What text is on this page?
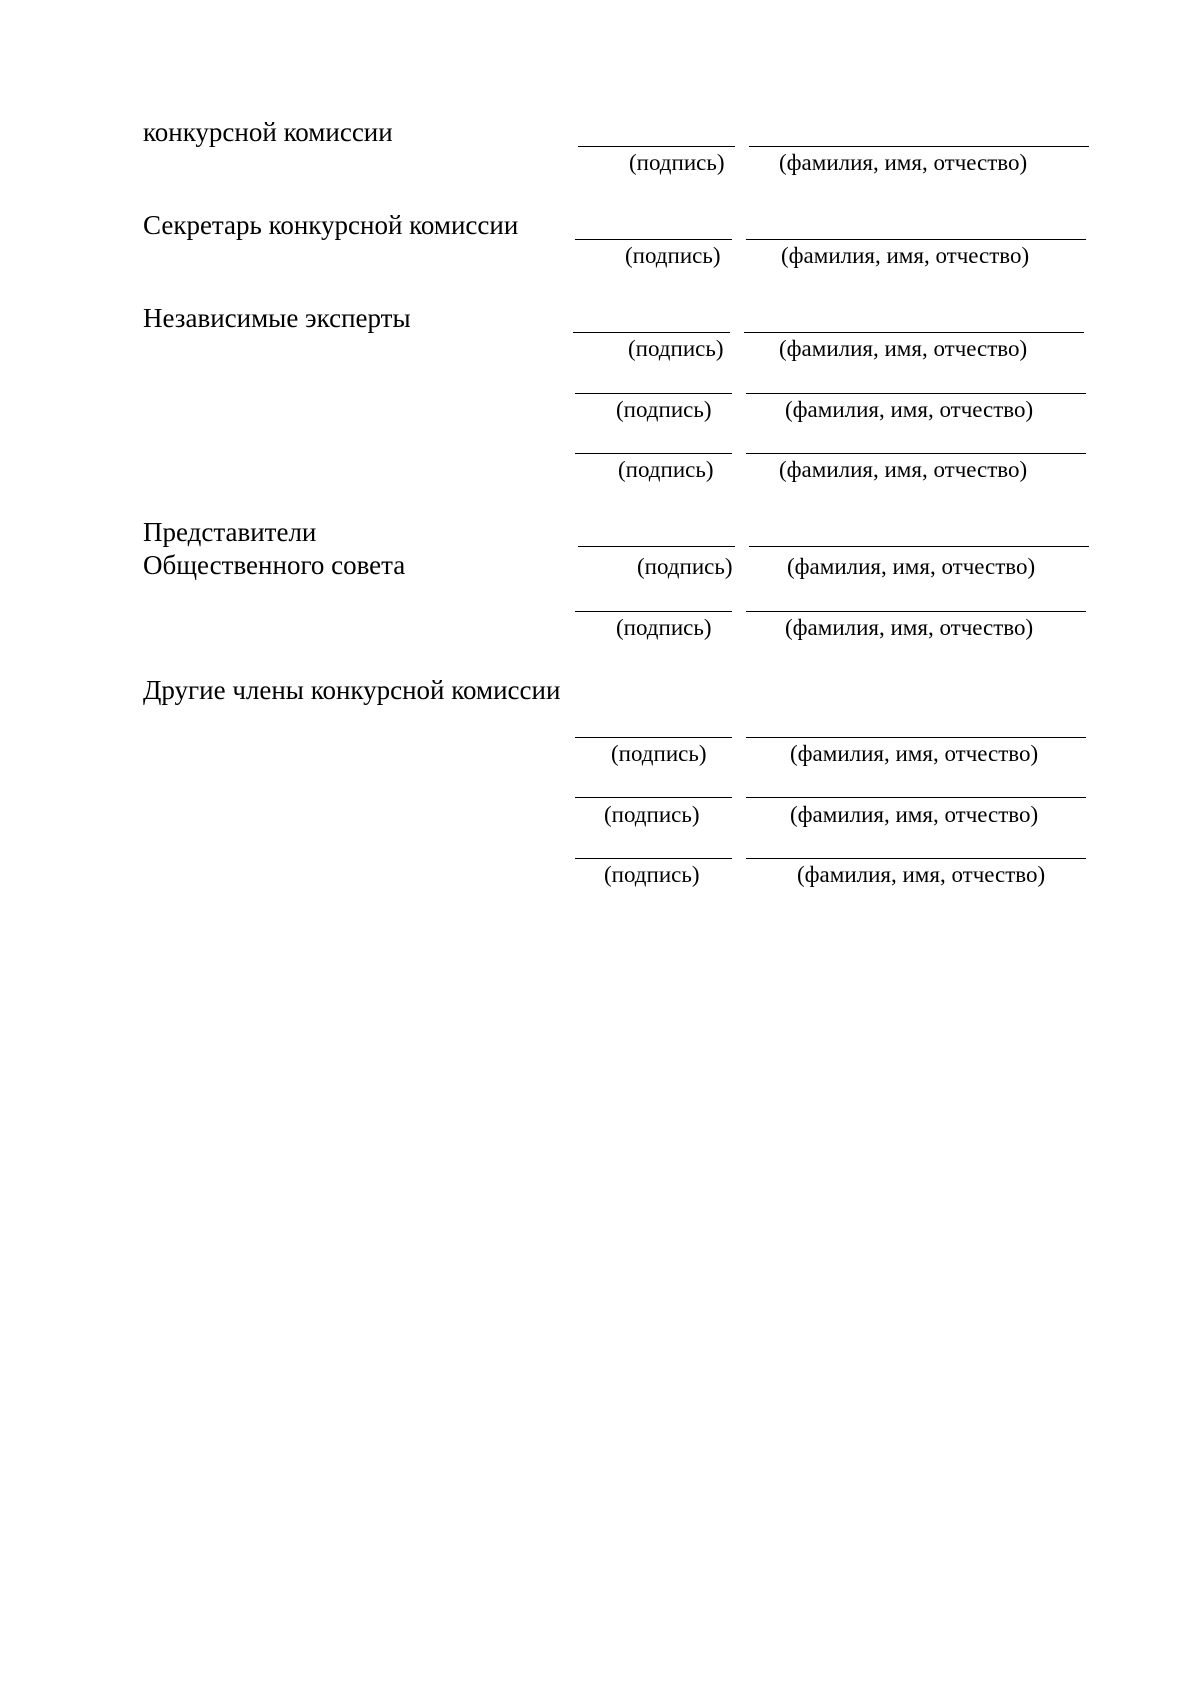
конкурсной комиссии
(подпись) (фамилия, имя, отчество)
Секретарь конкурсной комиссии
(подпись)	(фамилия, имя, отчество)
Независимые эксперты
(подпись) (фамилия, имя, отчество)
(подпись)	(фамилия, имя, отчество)
(подпись)	(фамилия, имя, отчество)
Представители
Общественного совета	(подпись) (фамилия, имя, отчество)
(подпись)	(фамилия, имя, отчество)
Другие члены конкурсной комиссии
(подпись)	(фамилия, имя, отчество)
(подпись)	(фамилия, имя, отчество)
(подпись)	(фамилия, имя, отчество)
